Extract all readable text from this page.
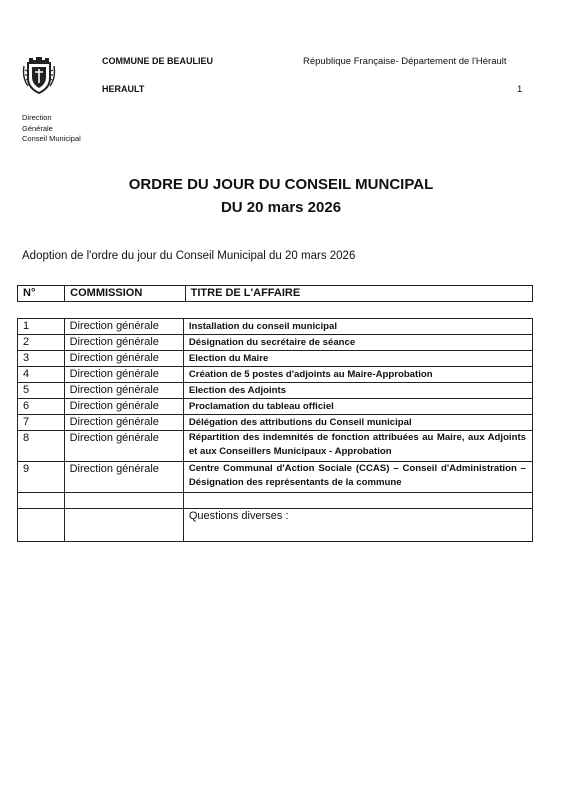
COMMUNE DE BEAULIEU
HERAULT
République Française- Département de l'Hérault
1
Direction
Générale
Conseil Municipal
ORDRE DU JOUR DU CONSEIL MUNCIPAL
DU 20 mars 2026
Adoption de l'ordre du jour du Conseil Municipal du 20 mars 2026
N°	COMMISSION	TITRE DE L'AFFAIRE
1	Direction générale	Installation du conseil municipal
2	Direction générale	Désignation du secrétaire de séance
3	Direction générale	Election du Maire
4	Direction générale	Création de 5 postes d'adjoints au Maire-Approbation
5	Direction générale	Election des Adjoints
6	Direction générale	Proclamation du tableau officiel
7	Direction générale	Délégation des attributions du Conseil municipal
8	Direction générale	Répartition des indemnités de fonction attribuées au Maire, aux Adjoints et aux Conseillers Municipaux - Approbation
9	Direction générale	Centre Communal d'Action Sociale (CCAS) – Conseil d'Administration – Désignation des représentants de la commune

		Questions diverses :
